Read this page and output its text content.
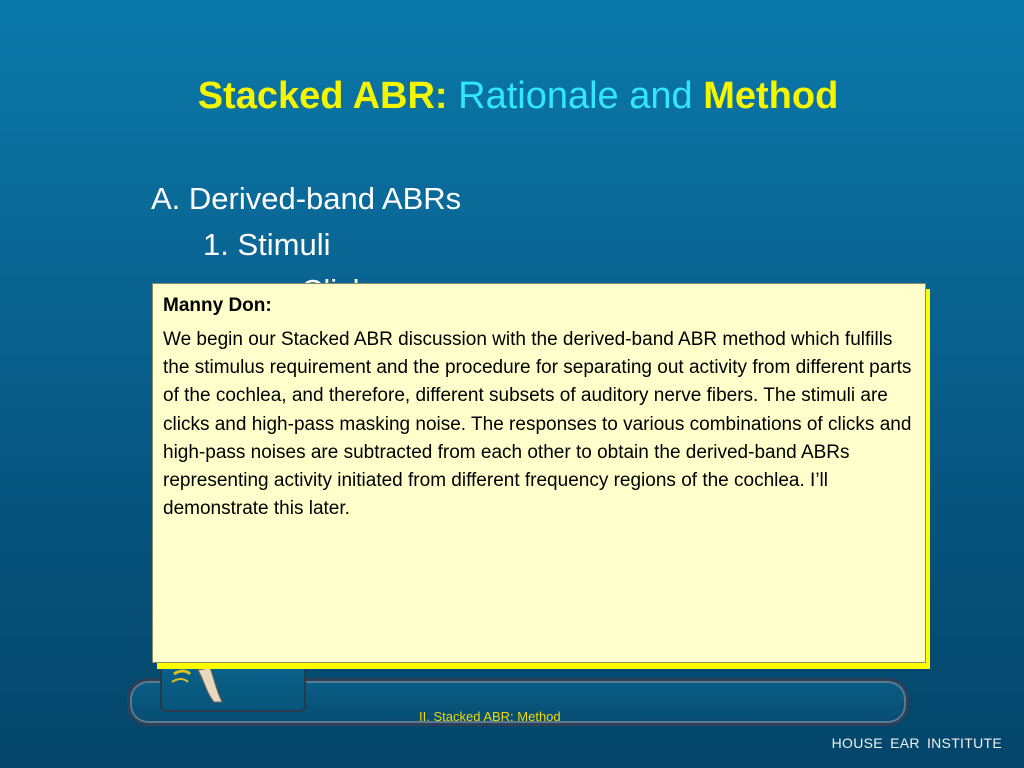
Stacked ABR: Rationale and Method
A. Derived-band ABRs
1. Stimuli
II. Stacked ABR: Method
HOUSE EAR INSTITUTE

Manny Don:

We begin our Stacked ABR discussion with the derived-band ABR method which fulfills the stimulus requirement and the procedure for separating out activity from different parts of the cochlea, and therefore, different subsets of auditory nerve fibers. The stimuli are clicks and high-pass masking noise. The responses to various combinations of clicks and high-pass noises are subtracted from each other to obtain the derived-band ABRs representing activity initiated from different frequency regions of the cochlea. I’ll demonstrate this later.
